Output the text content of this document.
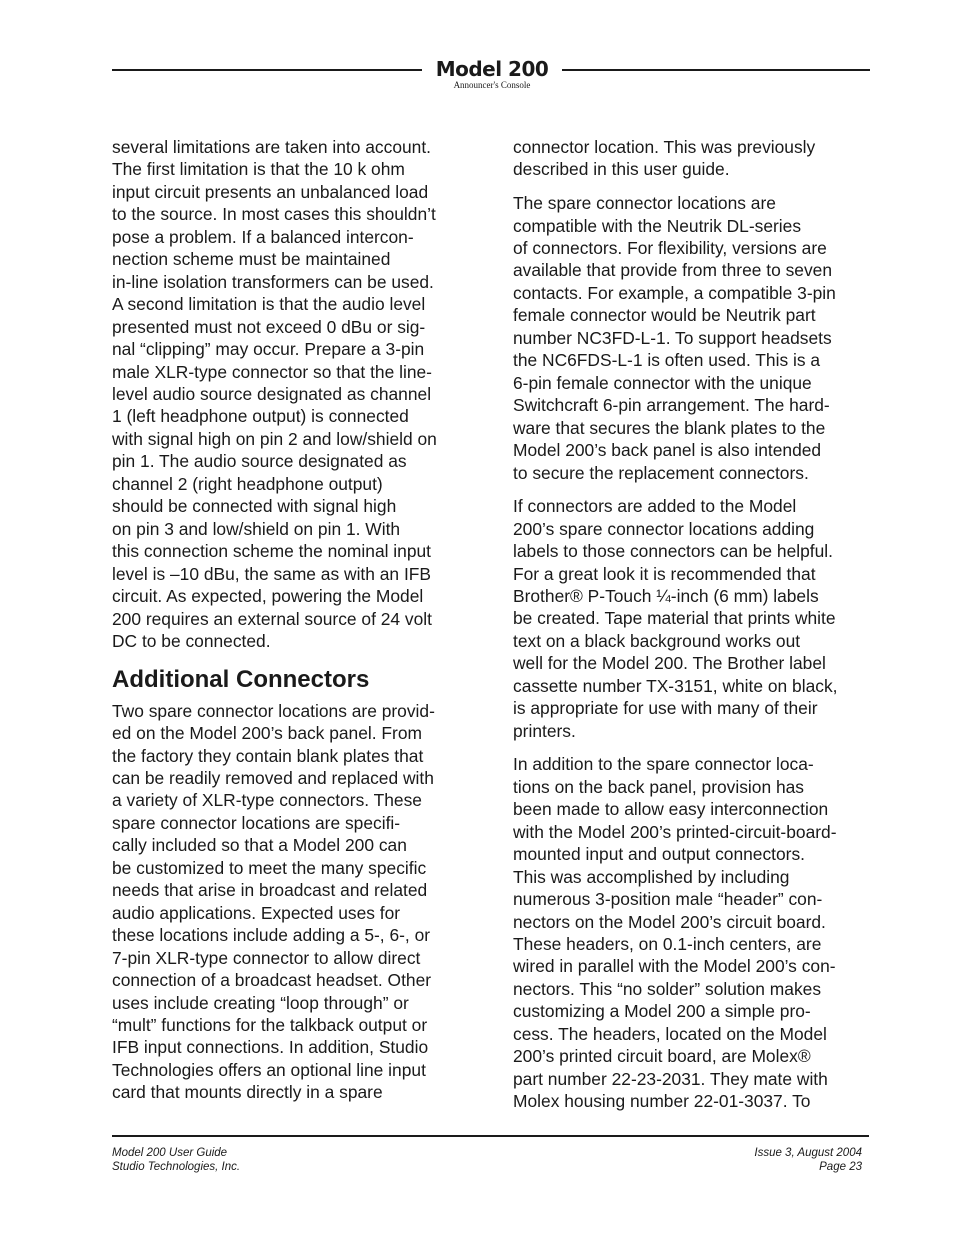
Model 200
Announcer's Console

several limitations are taken into account.
The first limitation is that the 10 k ohm
input circuit presents an unbalanced load
to the source. In most cases this shouldn’t
pose a problem. If a balanced intercon-
nection scheme must be maintained
in-line isolation transformers can be used.
A second limitation is that the audio level
presented must not exceed 0 dBu or sig-
nal “clipping” may occur. Prepare a 3-pin
male XLR-type connector so that the line-
level audio source designated as channel
1 (left headphone output) is connected
with signal high on pin 2 and low/shield on
pin 1. The audio source designated as
channel 2 (right headphone output)
should be connected with signal high
on pin 3 and low/shield on pin 1. With
this connection scheme the nominal input
level is –10 dBu, the same as with an IFB
circuit. As expected, powering the Model
200 requires an external source of 24 volt
DC to be connected.

Additional Connectors

Two spare connector locations are provid-
ed on the Model 200’s back panel. From
the factory they contain blank plates that
can be readily removed and replaced with
a variety of XLR-type connectors. These
spare connector locations are specifi-
cally included so that a Model 200 can
be customized to meet the many specific
needs that arise in broadcast and related
audio applications. Expected uses for
these locations include adding a 5-, 6-, or
7-pin XLR-type connector to allow direct
connection of a broadcast headset. Other
uses include creating “loop through” or
“mult” functions for the talkback output or
IFB input connections. In addition, Studio
Technologies offers an optional line input
card that mounts directly in a spare

connector location. This was previously
described in this user guide.

The spare connector locations are
compatible with the Neutrik DL-series
of connectors. For flexibility, versions are
available that provide from three to seven
contacts. For example, a compatible 3-pin
female connector would be Neutrik part
number NC3FD-L-1. To support headsets
the NC6FDS-L-1 is often used. This is a
6-pin female connector with the unique
Switchcraft 6-pin arrangement. The hard-
ware that secures the blank plates to the
Model 200’s back panel is also intended
to secure the replacement connectors.

If connectors are added to the Model
200’s spare connector locations adding
labels to those connectors can be helpful.
For a great look it is recommended that
Brother® P-Touch ¼-inch (6 mm) labels
be created. Tape material that prints white
text on a black background works out
well for the Model 200. The Brother label
cassette number TX-3151, white on black,
is appropriate for use with many of their
printers.

In addition to the spare connector loca-
tions on the back panel, provision has
been made to allow easy interconnection
with the Model 200’s printed-circuit-board-
mounted input and output connectors.
This was accomplished by including
numerous 3-position male “header” con-
nectors on the Model 200’s circuit board.
These headers, on 0.1-inch centers, are
wired in parallel with the Model 200’s con-
nectors. This “no solder” solution makes
customizing a Model 200 a simple pro-
cess. The headers, located on the Model
200’s printed circuit board, are Molex®
part number 22-23-2031. They mate with
Molex housing number 22-01-3037. To

Model 200 User Guide
Studio Technologies, Inc.
Issue 3, August 2004
Page 23
